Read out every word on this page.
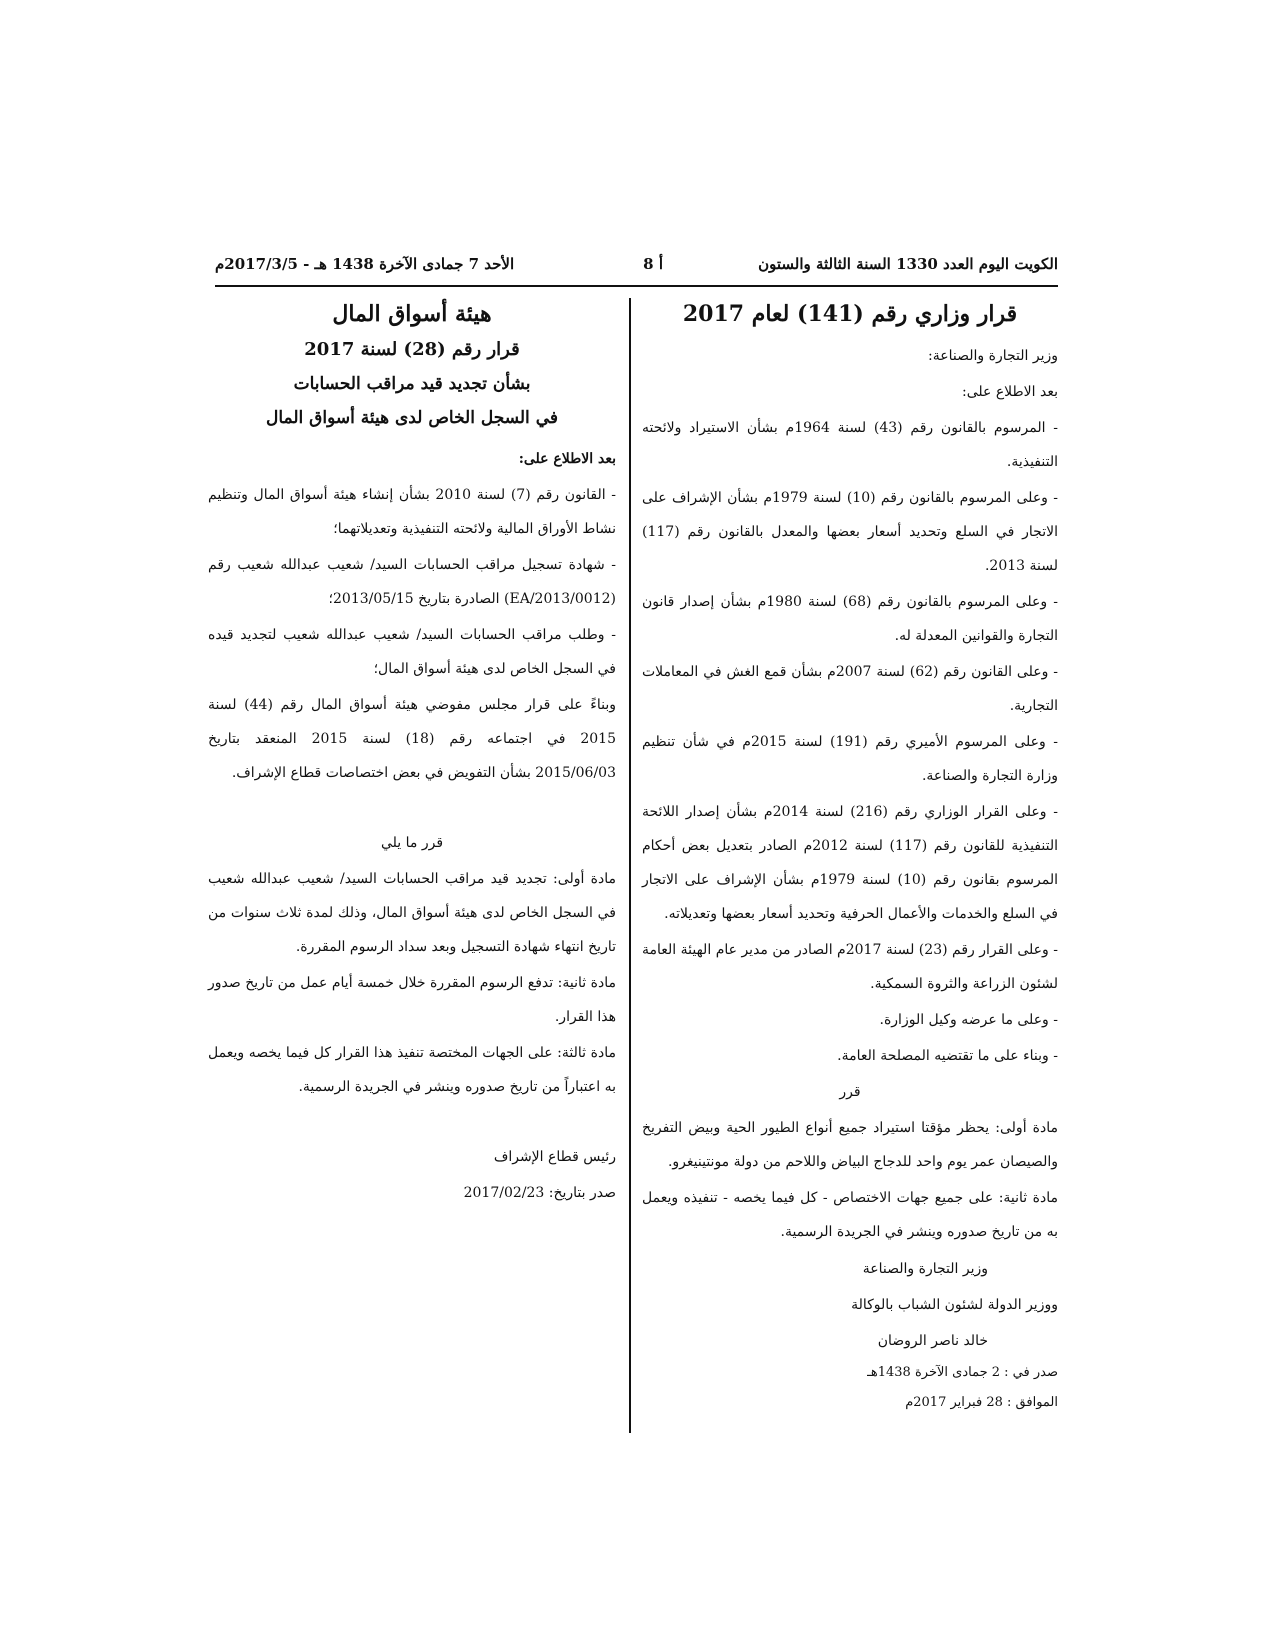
الكويت اليوم العدد 1330 السنة الثالثة والستون
أ 8
الأحد 7 جمادى الآخرة 1438 هـ - 2017/3/5م
قرار وزاري رقم (141) لعام 2017

وزير التجارة والصناعة:

بعد الاطلاع على:

- المرسوم بالقانون رقم (43) لسنة 1964م بشأن الاستيراد ولائحته التنفيذية.

- وعلى المرسوم بالقانون رقم (10) لسنة 1979م بشأن الإشراف على الاتجار في السلع وتحديد أسعار بعضها والمعدل بالقانون رقم (117) لسنة 2013.

- وعلى المرسوم بالقانون رقم (68) لسنة 1980م بشأن إصدار قانون التجارة والقوانين المعدلة له.

- وعلى القانون رقم (62) لسنة 2007م بشأن قمع الغش في المعاملات التجارية.

- وعلى المرسوم الأميري رقم (191) لسنة 2015م في شأن تنظيم وزارة التجارة والصناعة.

- وعلى القرار الوزاري رقم (216) لسنة 2014م بشأن إصدار اللائحة التنفيذية للقانون رقم (117) لسنة 2012م الصادر بتعديل بعض أحكام المرسوم بقانون رقم (10) لسنة 1979م بشأن الإشراف على الاتجار في السلع والخدمات والأعمال الحرفية وتحديد أسعار بعضها وتعديلاته.

- وعلى القرار رقم (23) لسنة 2017م الصادر من مدير عام الهيئة العامة لشئون الزراعة والثروة السمكية.

- وعلى ما عرضه وكيل الوزارة.

- وبناء على ما تقتضيه المصلحة العامة.

قرر

مادة أولى: يحظر مؤقتا استيراد جميع أنواع الطيور الحية وبيض التفريخ والصيصان عمر يوم واحد للدجاج البياض واللاحم من دولة مونتينيغرو.

مادة ثانية: على جميع جهات الاختصاص - كل فيما يخصه - تنفيذه ويعمل به من تاريخ صدوره وينشر في الجريدة الرسمية.

وزير التجارة والصناعة

ووزير الدولة لشئون الشباب بالوكالة

خالد ناصر الروضان

صدر في : 2 جمادى الآخرة 1438هـ

الموافق : 28 فبراير 2017م

هيئة أسواق المال
قرار رقم (28) لسنة 2017
بشأن تجديد قيد مراقب الحسابات
في السجل الخاص لدى هيئة أسواق المال

بعد الاطلاع على:

- القانون رقم (7) لسنة 2010 بشأن إنشاء هيئة أسواق المال وتنظيم نشاط الأوراق المالية ولائحته التنفيذية وتعديلاتهما؛

- شهادة تسجيل مراقب الحسابات السيد/ شعيب عبدالله شعيب رقم (EA/2013/0012) الصادرة بتاريخ 2013/05/15؛

- وطلب مراقب الحسابات السيد/ شعيب عبدالله شعيب لتجديد قيده في السجل الخاص لدى هيئة أسواق المال؛

وبناءً على قرار مجلس مفوضي هيئة أسواق المال رقم (44) لسنة 2015 في اجتماعه رقم (18) لسنة 2015 المنعقد بتاريخ 2015/06/03 بشأن التفويض في بعض اختصاصات قطاع الإشراف.

قرر ما يلي

مادة أولى: تجديد قيد مراقب الحسابات السيد/ شعيب عبدالله شعيب في السجل الخاص لدى هيئة أسواق المال، وذلك لمدة ثلاث سنوات من تاريخ انتهاء شهادة التسجيل وبعد سداد الرسوم المقررة.

مادة ثانية: تدفع الرسوم المقررة خلال خمسة أيام عمل من تاريخ صدور هذا القرار.

مادة ثالثة: على الجهات المختصة تنفيذ هذا القرار كل فيما يخصه ويعمل به اعتباراً من تاريخ صدوره وينشر في الجريدة الرسمية.

رئيس قطاع الإشراف

صدر بتاريخ: 2017/02/23
